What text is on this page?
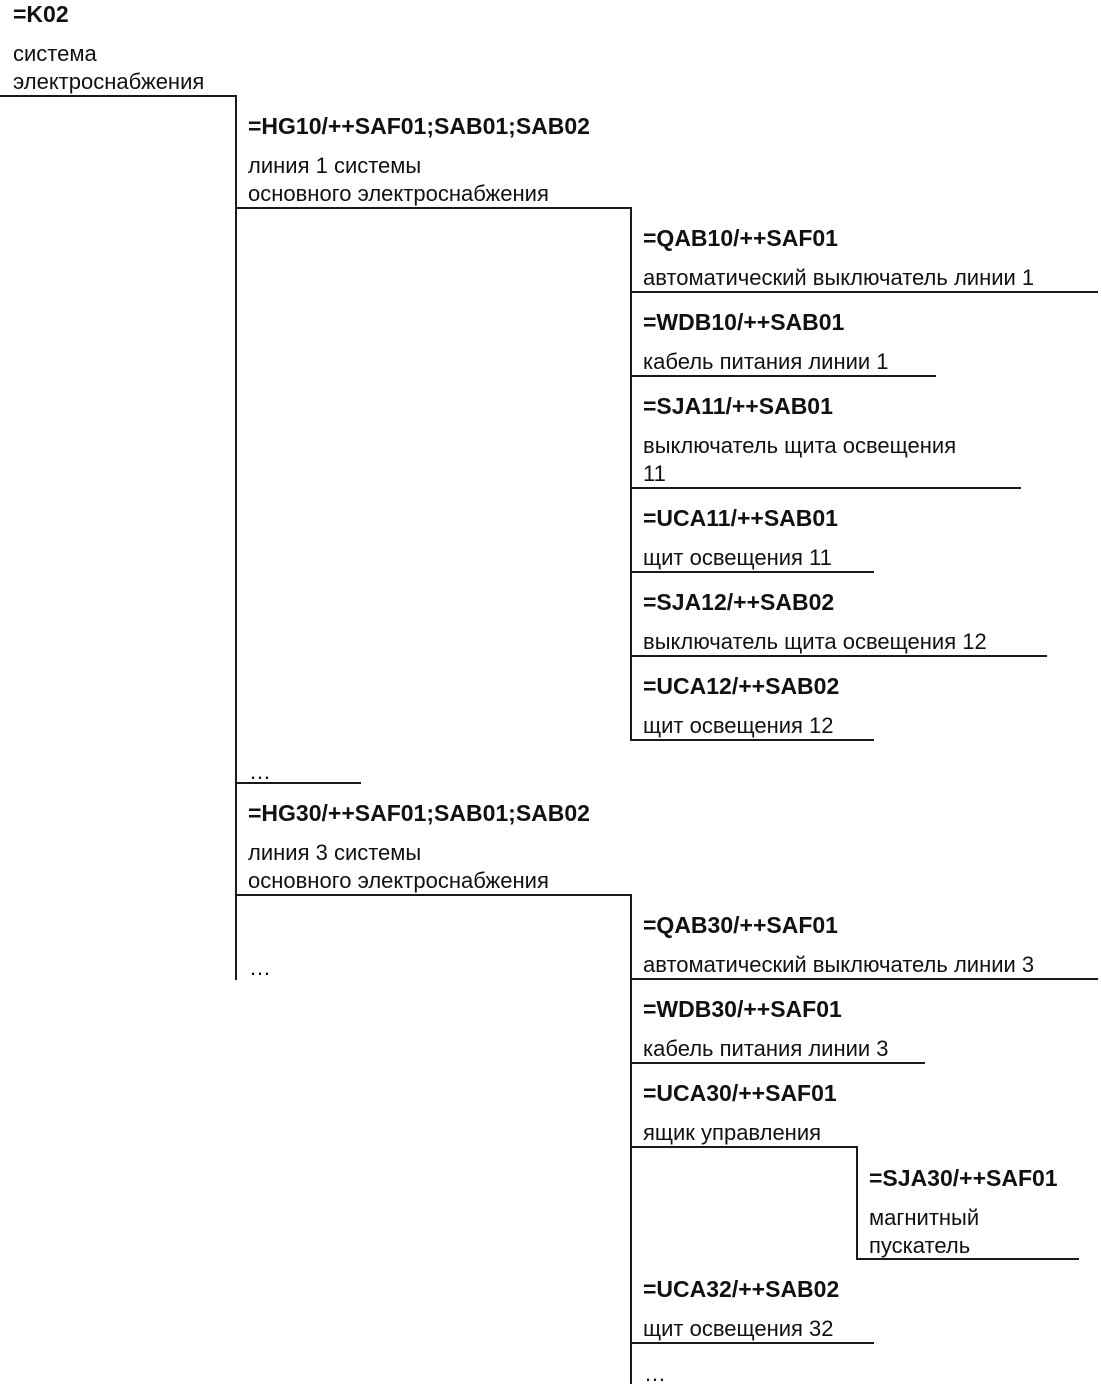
=K02
система
электроснабжения
=HG10/++SAF01;SAB01;SAB02
линия 1 системы
основного электроснабжения
=QAB10/++SAF01
автоматический выключатель линии 1
=WDB10/++SAB01
кабель питания линии 1
=SJA11/++SAB01
выключатель щита освещения
11
=UCA11/++SAB01
щит освещения 11
=SJA12/++SAB02
выключатель щита освещения 12
=UCA12/++SAB02
щит освещения 12
…
=HG30/++SAF01;SAB01;SAB02
линия 3 системы
основного электроснабжения
…
=QAB30/++SAF01
автоматический выключатель линии 3
=WDB30/++SAF01
кабель питания линии 3
=UCA30/++SAF01
ящик управления
=SJA30/++SAF01
магнитный
пускатель
=UCA32/++SAB02
щит освещения 32
…
